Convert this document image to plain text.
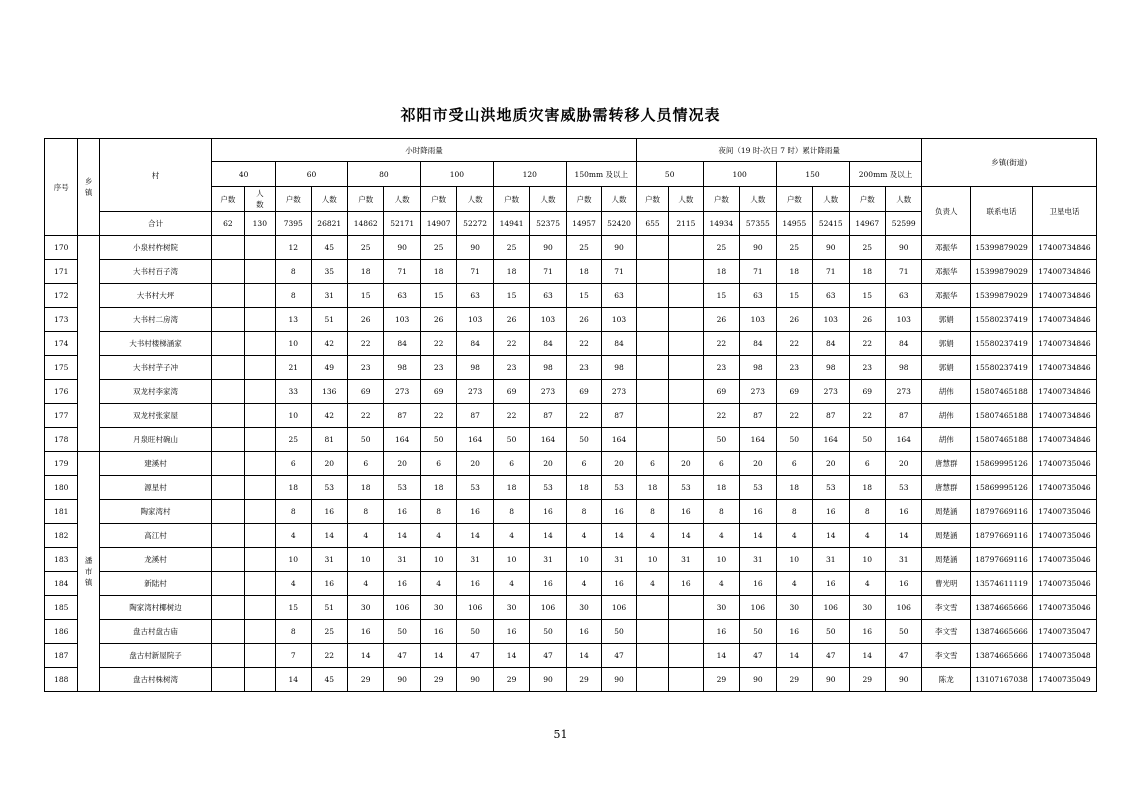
祁阳市受山洪地质灾害威胁需转移人员情况表
序号	乡镇	村	小时降雨量												夜间（19 时-次日 7 时）累计降雨量								乡镇(街道)		
			40		60		80		100		120		150mm 及以上		50		100		150		200mm 及以上				
			户数	人数	户数	人数	户数	人数	户数	人数	户数	人数	户数	人数	户数	人数	户数	人数	户数	人数	户数	人数	负责人	联系电话	卫星电话
		合计	62	130	7395	26821	14862	52171	14907	52272	14941	52375	14957	52420	655	2115	14934	57355	14955	52415	14967	52599			
170		小泉村柞树院			12	45	25	90	25	90	25	90	25	90			25	90	25	90	25	90	邓振华	15399879029	17400734846
171		大书村百子湾			8	35	18	71	18	71	18	71	18	71			18	71	18	71	18	71	邓振华	15399879029	17400734846
172		大书村大坪			8	31	15	63	15	63	15	63	15	63			15	63	15	63	15	63	邓振华	15399879029	17400734846
173		大书村二房湾			13	51	26	103	26	103	26	103	26	103			26	103	26	103	26	103	郭娟	15580237419	17400734846
174		大书村楼梯涵家			10	42	22	84	22	84	22	84	22	84			22	84	22	84	22	84	郭娟	15580237419	17400734846
175		大书村芋子冲			21	49	23	98	23	98	23	98	23	98			23	98	23	98	23	98	郭娟	15580237419	17400734846
176		双龙村李家湾			33	136	69	273	69	273	69	273	69	273			69	273	69	273	69	273	胡伟	15807465188	17400734846
177		双龙村张家屋			10	42	22	87	22	87	22	87	22	87			22	87	22	87	22	87	胡伟	15807465188	17400734846
178		月泉旺村碗山			25	81	50	164	50	164	50	164	50	164			50	164	50	164	50	164	胡伟	15807465188	17400734846
179	潘市镇	建溪村			6	20	6	20	6	20	6	20	6	20	6	20	6	20	6	20	6	20	唐慧群	15869995126	17400735046
180		源星村			18	53	18	53	18	53	18	53	18	53	18	53	18	53	18	53	18	53	唐慧群	15869995126	17400735046
181		陶家湾村			8	16	8	16	8	16	8	16	8	16	8	16	8	16	8	16	8	16	周楚涵	18797669116	17400735046
182		高江村			4	14	4	14	4	14	4	14	4	14	4	14	4	14	4	14	4	14	周楚涵	18797669116	17400735046
183		龙溪村			10	31	10	31	10	31	10	31	10	31	10	31	10	31	10	31	10	31	周楚涵	18797669116	17400735046
184		新陆村			4	16	4	16	4	16	4	16	4	16	4	16	4	16	4	16	4	16	曹光明	13574611119	17400735046
185		陶家湾村椰树边			15	51	30	106	30	106	30	106	30	106			30	106	30	106	30	106	李文雪	13874665666	17400735046
186		盘古村盘古庙			8	25	16	50	16	50	16	50	16	50			16	50	16	50	16	50	李文雪	13874665666	17400735047
187		盘古村新屋院子			7	22	14	47	14	47	14	47	14	47			14	47	14	47	14	47	李文雪	13874665666	17400735048
188		盘古村株树湾			14	45	29	90	29	90	29	90	29	90			29	90	29	90	29	90	陈龙	13107167038	17400735049
51
